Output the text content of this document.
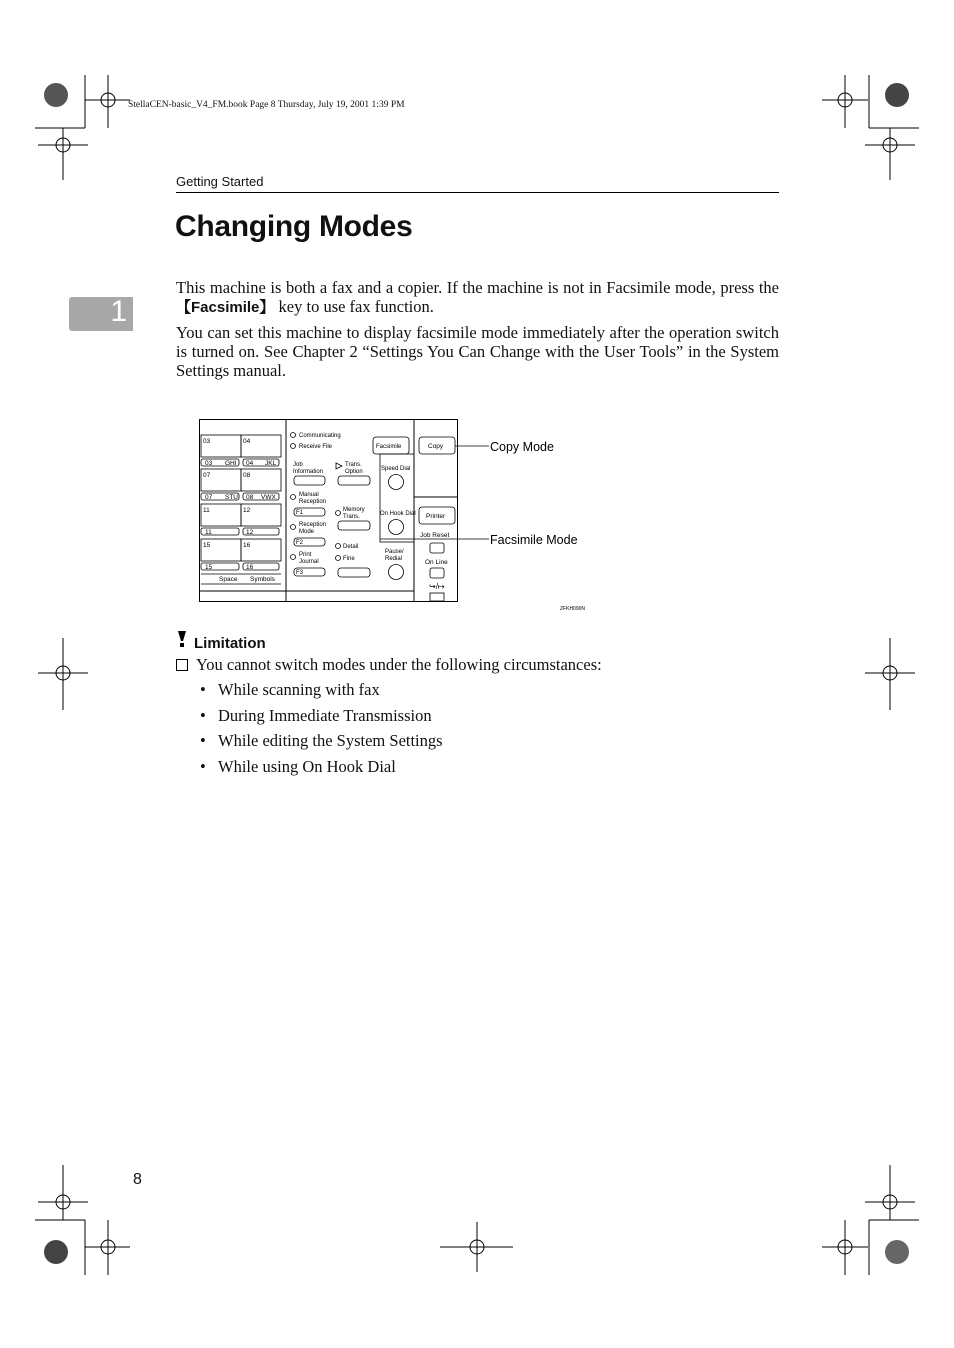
StellaCEN-basic_V4_FM.book Page 8 Thursday, July 19, 2001 1:39 PM
Getting Started
1
Changing Modes
This machine is both a fax and a copier. If the machine is not in Facsimile mode, press the 【Facsimile】 key to use fax function.
You can set this machine to display facsimile mode immediately after the operation switch is turned on. See Chapter 2 “Settings You Can Change with the User Tools” in the System Settings manual.
03	04
03 GHI 04 JKL
07	08
07 STU 08 VWX
11	12
11	12
15	16
15	16
Space Symbols
Communicating
Receive File
Job
Information
Trans.
Option
Manual
Reception
Memory
Trans.
F1
Reception
Mode
F2
Detail
Print
Journal	Fine
F3
Facsimile
Speed Dial
On Hook Dial
Pause/
Redial
Copy
Printer
Job Reset
On Line
↪/↦
Copy Mode
Facsimile Mode
ZFKH090N
Limitation
You cannot switch modes under the following circumstances:
• While scanning with fax
• During Immediate Transmission
• While editing the System Settings
• While using On Hook Dial
8
